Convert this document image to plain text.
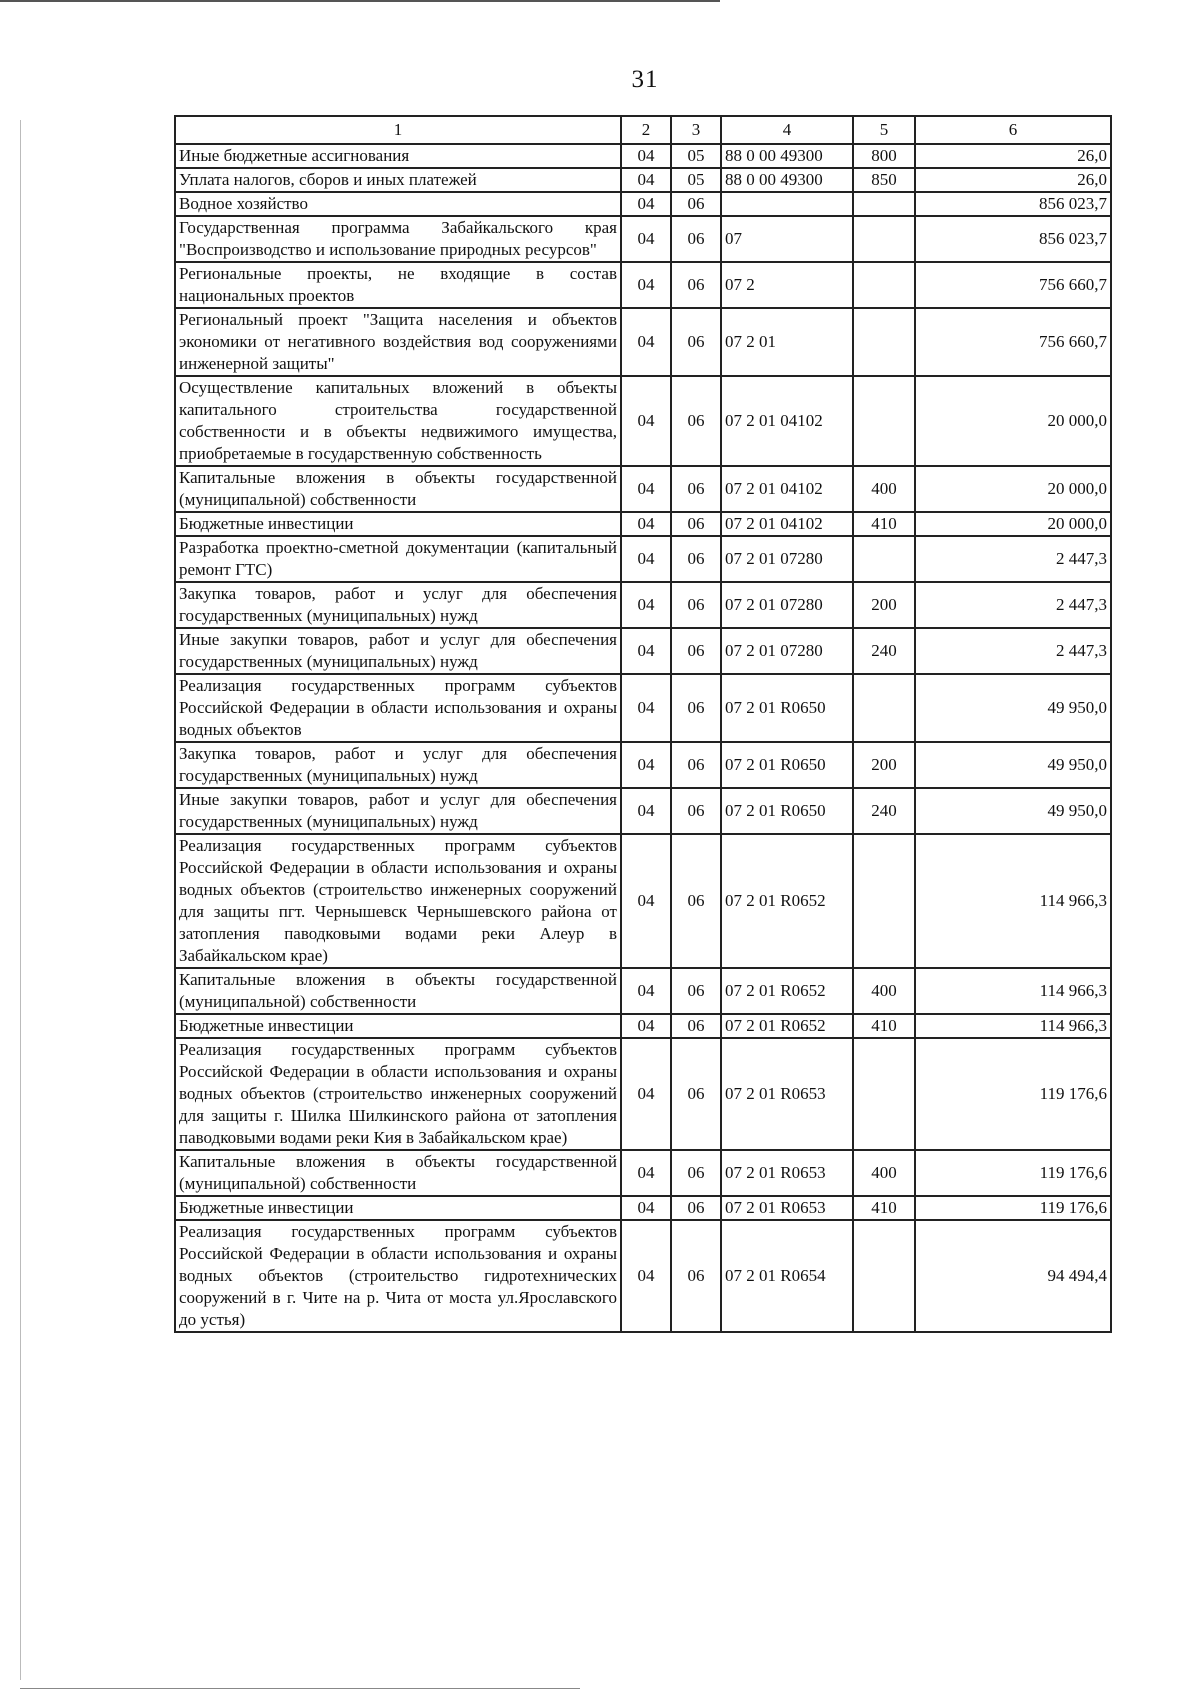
31
1	2	3	4	5	6
Иные бюджетные ассигнования	04	05	88 0 00 49300	800	26,0
Уплата налогов, сборов и иных платежей	04	05	88 0 00 49300	850	26,0
Водное хозяйство	04	06			856 023,7
Государственная программа Забайкальского края "Воспроизводство и использование природных ресурсов"	04	06	07		856 023,7
Региональные проекты, не входящие в состав национальных проектов	04	06	07 2		756 660,7
Региональный проект "Защита населения и объектов экономики от негативного воздействия вод сооружениями инженерной защиты"	04	06	07 2 01		756 660,7
Осуществление капитальных вложений в объекты капитального строительства государственной собственности и в объекты недвижимого имущества, приобретаемые в государственную собственность	04	06	07 2 01 04102		20 000,0
Капитальные вложения в объекты государственной (муниципальной) собственности	04	06	07 2 01 04102	400	20 000,0
Бюджетные инвестиции	04	06	07 2 01 04102	410	20 000,0
Разработка проектно-сметной документации (капитальный ремонт ГТС)	04	06	07 2 01 07280		2 447,3
Закупка товаров, работ и услуг для обеспечения государственных (муниципальных) нужд	04	06	07 2 01 07280	200	2 447,3
Иные закупки товаров, работ и услуг для обеспечения государственных (муниципальных) нужд	04	06	07 2 01 07280	240	2 447,3
Реализация государственных программ субъектов Российской Федерации в области использования и охраны водных объектов	04	06	07 2 01 R0650		49 950,0
Закупка товаров, работ и услуг для обеспечения государственных (муниципальных) нужд	04	06	07 2 01 R0650	200	49 950,0
Иные закупки товаров, работ и услуг для обеспечения государственных (муниципальных) нужд	04	06	07 2 01 R0650	240	49 950,0
Реализация государственных программ субъектов Российской Федерации в области использования и охраны водных объектов (строительство инженерных сооружений для защиты пгт. Чернышевск Чернышевского района от затопления паводковыми водами реки Алеур в Забайкальском крае)	04	06	07 2 01 R0652		114 966,3
Капитальные вложения в объекты государственной (муниципальной) собственности	04	06	07 2 01 R0652	400	114 966,3
Бюджетные инвестиции	04	06	07 2 01 R0652	410	114 966,3
Реализация государственных программ субъектов Российской Федерации в области использования и охраны водных объектов (строительство инженерных сооружений для защиты г. Шилка Шилкинского района от затопления паводковыми водами реки Кия в Забайкальском крае)	04	06	07 2 01 R0653		119 176,6
Капитальные вложения в объекты государственной (муниципальной) собственности	04	06	07 2 01 R0653	400	119 176,6
Бюджетные инвестиции	04	06	07 2 01 R0653	410	119 176,6
Реализация государственных программ субъектов Российской Федерации в области использования и охраны водных объектов (строительство гидротехнических сооружений в г. Чите на р. Чита от моста ул.Ярославского до устья)	04	06	07 2 01 R0654		94 494,4
